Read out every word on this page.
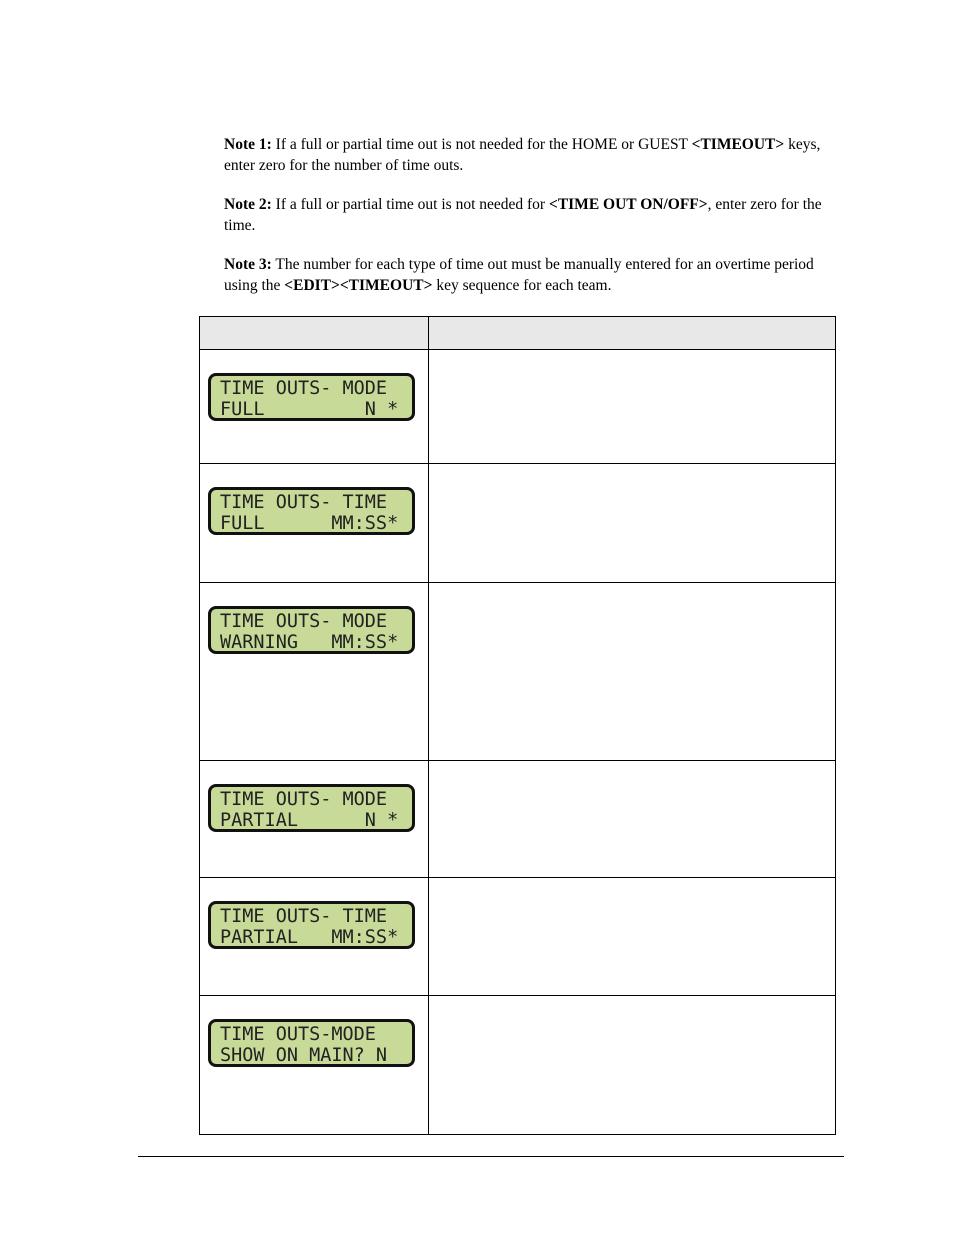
Note 1: If a full or partial time out is not needed for the HOME or GUEST <TIMEOUT> keys, enter zero for the number of time outs.

Note 2: If a full or partial time out is not needed for <TIME OUT ON/OFF>, enter zero for the time.

Note 3: The number for each type of time out must be manually entered for an overtime period using the <EDIT><TIMEOUT> key sequence for each team.

TIME OUTS- MODE
FULL         N *	

TIME OUTS- TIME
FULL      MM:SS*	

TIME OUTS- MODE
WARNING   MM:SS*	

TIME OUTS- MODE
PARTIAL      N *	

TIME OUTS- TIME
PARTIAL   MM:SS*	

TIME OUTS-MODE
SHOW ON MAIN? N	
